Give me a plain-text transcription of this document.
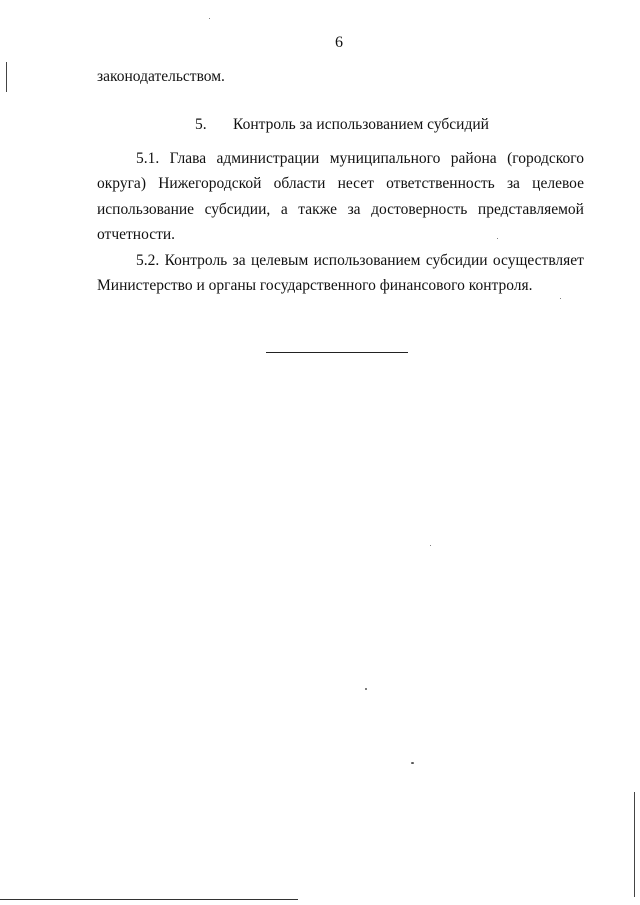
6
законодательством.
5. Контроль за использованием субсидий
5.1. Глава администрации муниципального района (городского
округа) Нижегородской области несет ответственность за целевое
использование субсидии, а также за достоверность представляемой
отчетности.
5.2. Контроль за целевым использованием субсидии осуществляет
Министерство и органы государственного финансового контроля.
